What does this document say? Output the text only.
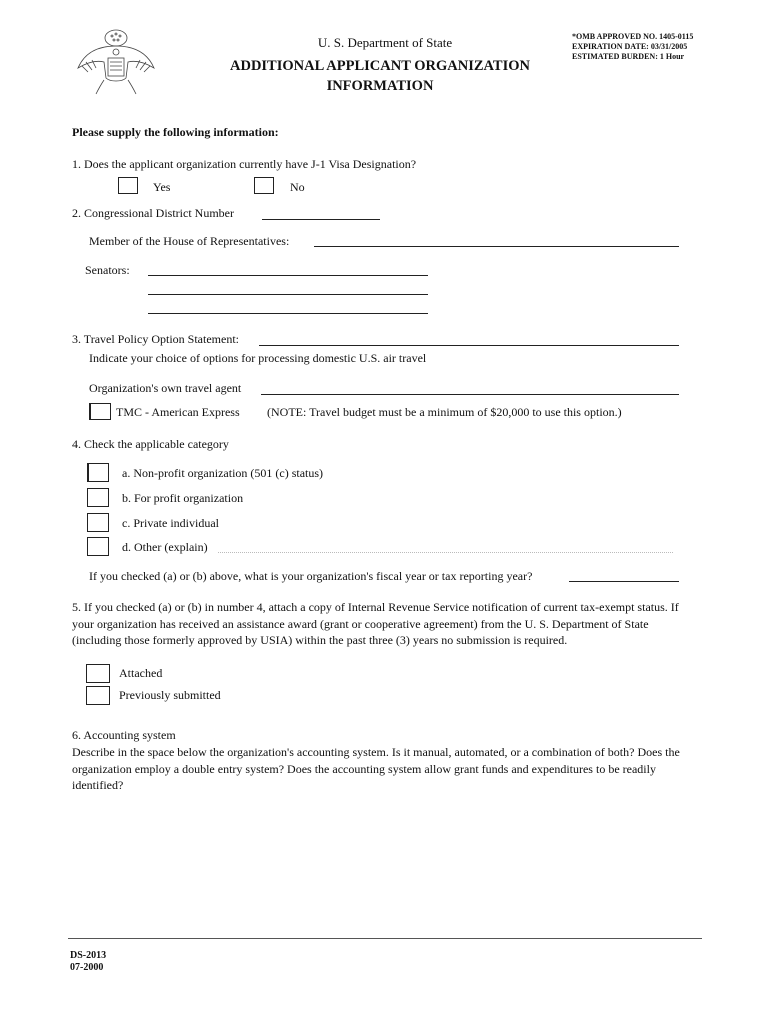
*OMB APPROVED NO. 1405-0115
EXPIRATION DATE: 03/31/2005
ESTIMATED BURDEN: 1 Hour
U. S. Department of State
ADDITIONAL APPLICANT ORGANIZATION
INFORMATION
Please supply the following information:
1. Does the applicant organization currently have J-1 Visa Designation?
Yes	No
2. Congressional District Number
Member of the House of Representatives:
Senators:
3. Travel Policy Option Statement:
Indicate your choice of options for processing domestic U.S. air travel
Organization's own travel agent
TMC - American Express (NOTE: Travel budget must be a minimum of $20,000 to use this option.)
4. Check the applicable category
a. Non-profit organization (501 (c) status)
b. For profit organization
c. Private individual
d. Other (explain)
If you checked (a) or (b) above, what is your organization's fiscal year or tax reporting year?
5. If you checked (a) or (b) in number 4, attach a copy of Internal Revenue Service notification of current tax-exempt status. If your organization has received an assistance award (grant or cooperative agreement) from the U. S. Department of State (including those formerly approved by USIA) within the past three (3) years no submission is required.
Attached
Previously submitted
6. Accounting system
Describe in the space below the organization's accounting system. Is it manual, automated, or a combination of both? Does the organization employ a double entry system? Does the accounting system allow grant funds and expenditures to be readily identified?
DS-2013
07-2000
